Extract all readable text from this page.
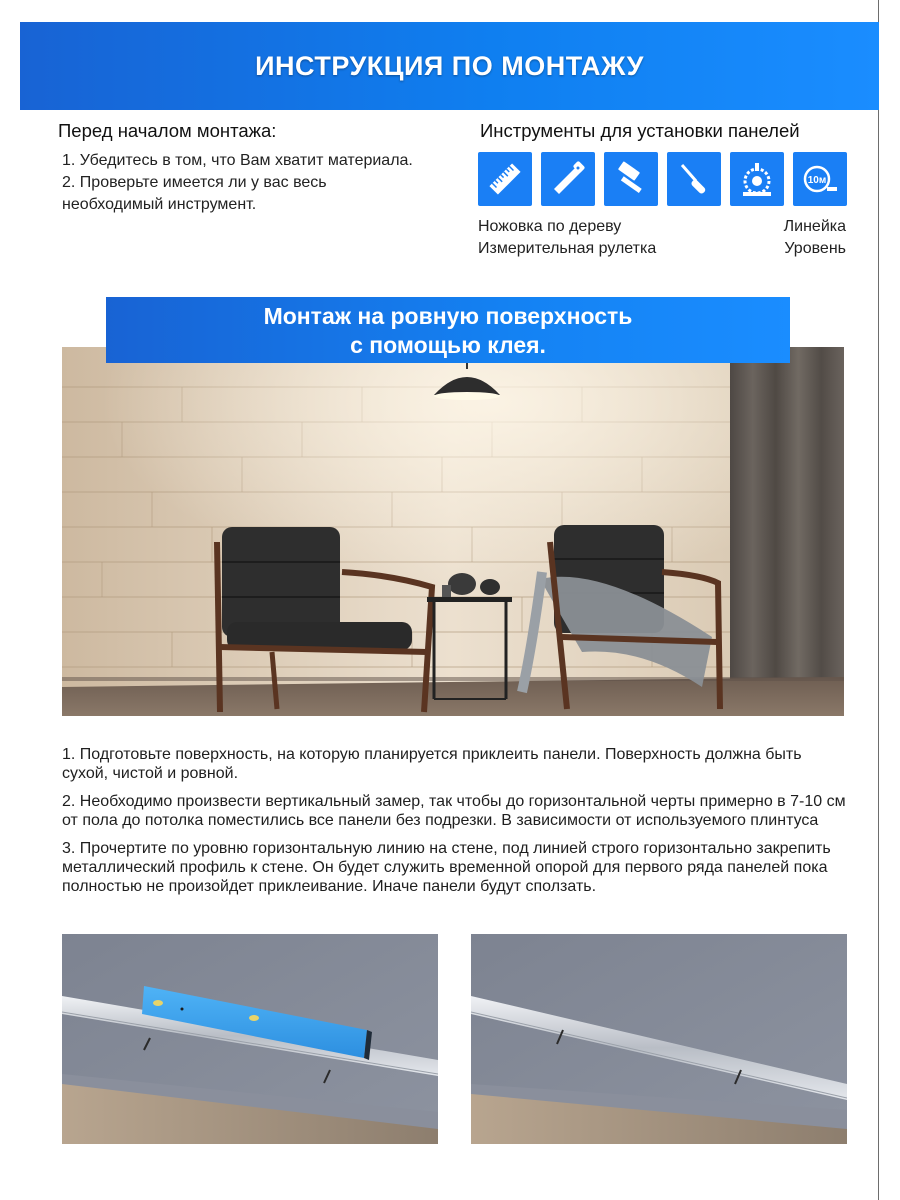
ИНСТРУКЦИЯ ПО МОНТАЖУ
Перед началом монтажа:
1. Убедитесь в том, что Вам хватит материала.
2. Проверьте имеется ли у вас весь
необходимый инструмент.
Инструменты для установки панелей
10м
Ножовка по дереву
Измерительная рулетка
Линейка
Уровень
Монтаж на ровную поверхность
с помощью клея.

1. Подготовьте поверхность, на которую планируется приклеить панели. Поверхность должна быть сухой, чистой и ровной.

2. Необходимо произвести вертикальный замер, так чтобы до горизонтальной черты примерно в 7-10 см от пола до потолка поместились все панели без подрезки. В зависимости от используемого плинтуса

3. Прочертите по уровню горизонтальную линию на стене, под линией строго горизонтально закрепить металлический профиль к стене. Он будет служить временной опорой для первого ряда панелей пока полностью не произойдет приклеивание. Иначе панели будут сползать.
